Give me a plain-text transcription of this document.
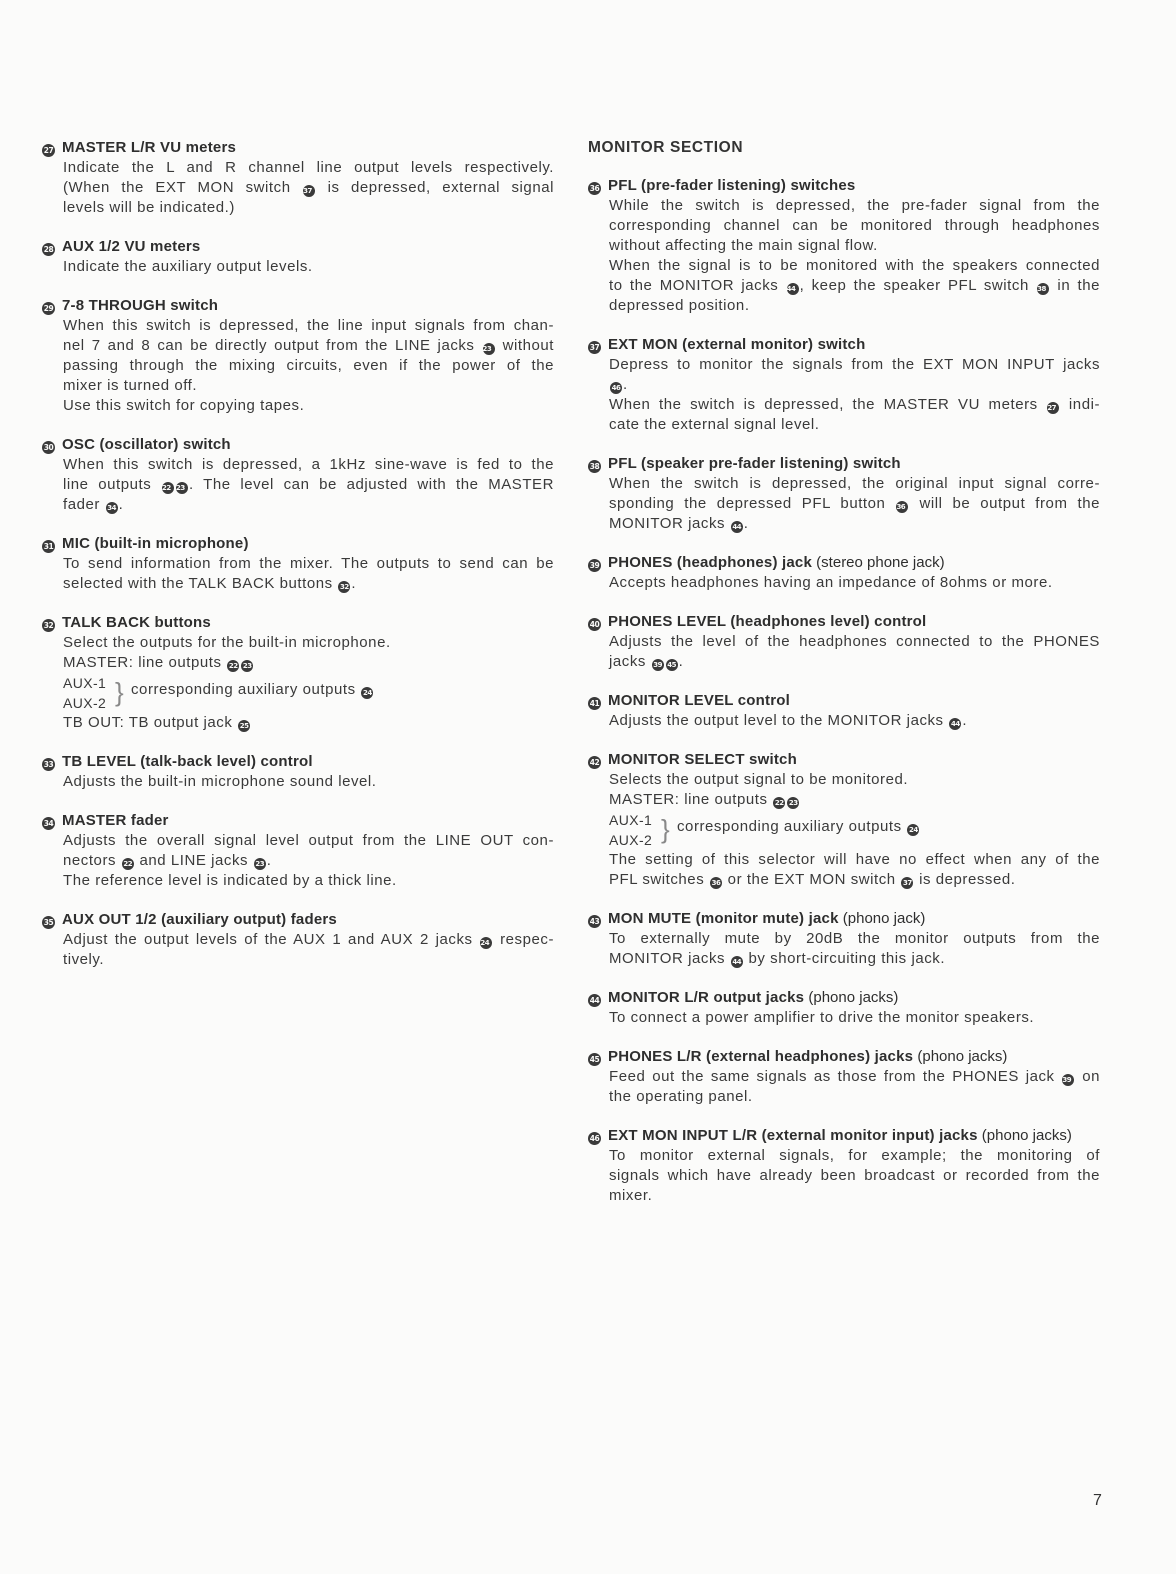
27 MASTER L/R VU meters
Indicate the L and R channel line output levels respectively.
(When the EXT MON switch 37 is depressed, external signal
levels will be indicated.)
28 AUX 1/2 VU meters
Indicate the auxiliary output levels.
29 7-8 THROUGH switch
When this switch is depressed, the line input signals from chan-
nel 7 and 8 can be directly output from the LINE jacks 23 without
passing through the mixing circuits, even if the power of the
mixer is turned off.
Use this switch for copying tapes.
30 OSC (oscillator) switch
When this switch is depressed, a 1kHz sine-wave is fed to the
line outputs 22 23 . The level can be adjusted with the MASTER
fader 34 .
31 MIC (built-in microphone)
To send information from the mixer. The outputs to send can be
selected with the TALK BACK buttons 32 .
32 TALK BACK buttons
Select the outputs for the built-in microphone.
MASTER: line outputs 22 23
AUX-1
AUX-2 } corresponding auxiliary outputs 24
TB OUT: TB output jack 25
33 TB LEVEL (talk-back level) control
Adjusts the built-in microphone sound level.
34 MASTER fader
Adjusts the overall signal level output from the LINE OUT con-
nectors 22 and LINE jacks 23 .
The reference level is indicated by a thick line.
35 AUX OUT 1/2 (auxiliary output) faders
Adjust the output levels of the AUX 1 and AUX 2 jacks 24 respec-
tively.
MONITOR SECTION
36 PFL (pre-fader listening) switches
While the switch is depressed, the pre-fader signal from the
corresponding channel can be monitored through headphones
without affecting the main signal flow.
When the signal is to be monitored with the speakers connected
to the MONITOR jacks 44 , keep the speaker PFL switch 38 in the
depressed position.
37 EXT MON (external monitor) switch
Depress to monitor the signals from the EXT MON INPUT jacks
46 .
When the switch is depressed, the MASTER VU meters 27 indi-
cate the external signal level.
38 PFL (speaker pre-fader listening) switch
When the switch is depressed, the original input signal corre-
sponding the depressed PFL button 36 will be output from the
MONITOR jacks 44 .
39 PHONES (headphones) jack (stereo phone jack)
Accepts headphones having an impedance of 8ohms or more.
40 PHONES LEVEL (headphones level) control
Adjusts the level of the headphones connected to the PHONES
jacks 39 45 .
41 MONITOR LEVEL control
Adjusts the output level to the MONITOR jacks 44 .
42 MONITOR SELECT switch
Selects the output signal to be monitored.
MASTER: line outputs 22 23
AUX-1
AUX-2 } corresponding auxiliary outputs 24
The setting of this selector will have no effect when any of the
PFL switches 36 or the EXT MON switch 37 is depressed.
43 MON MUTE (monitor mute) jack (phono jack)
To externally mute by 20dB the monitor outputs from the
MONITOR jacks 44 by short-circuiting this jack.
44 MONITOR L/R output jacks (phono jacks)
To connect a power amplifier to drive the monitor speakers.
45 PHONES L/R (external headphones) jacks (phono jacks)
Feed out the same signals as those from the PHONES jack 39 on
the operating panel.
46 EXT MON INPUT L/R (external monitor input) jacks (phono jacks)
To monitor external signals, for example; the monitoring of
signals which have already been broadcast or recorded from the
mixer.
7
